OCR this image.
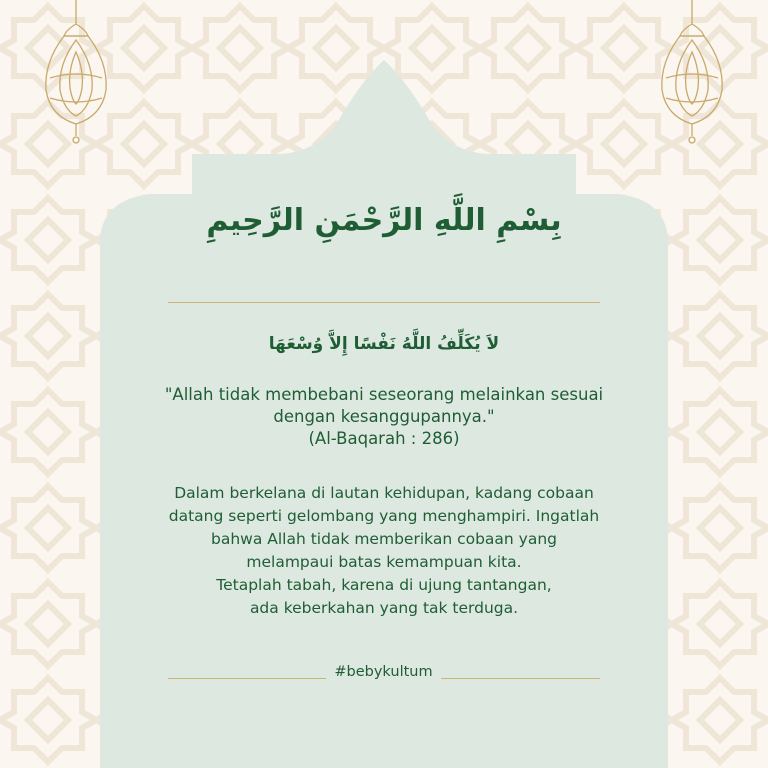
بِسْمِ اللَّهِ الرَّحْمَنِ الرَّحِيمِ
لاَ يُكَلِّفُ اللَّهُ نَفْسًا إِلاَّ وُسْعَهَا
"Allah tidak membebani seseorang melainkan sesuai
dengan kesanggupannya."
(Al-Baqarah : 286)
Dalam berkelana di lautan kehidupan, kadang cobaan
datang seperti gelombang yang menghampiri. Ingatlah
bahwa Allah tidak memberikan cobaan yang
melampaui batas kemampuan kita.
Tetaplah tabah, karena di ujung tantangan,
ada keberkahan yang tak terduga.
#bebykultum
